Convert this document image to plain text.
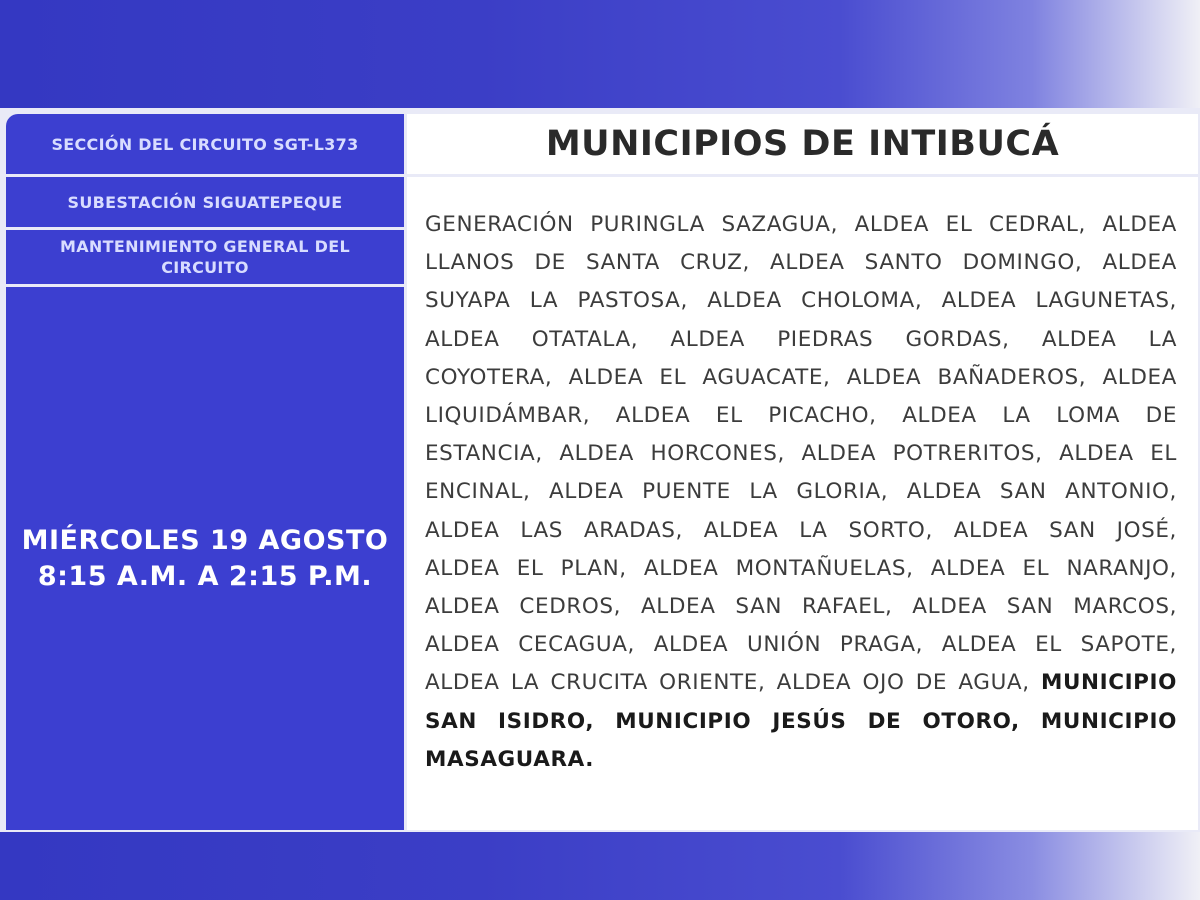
SECCIÓN DEL CIRCUITO SGT-L373
SUBESTACIÓN SIGUATEPEQUE
MANTENIMIENTO GENERAL DEL CIRCUITO
MIÉRCOLES 19 AGOSTO
8:15 A.M. A 2:15 P.M.
MUNICIPIOS DE INTIBUCÁ
GENERACIÓN PURINGLA SAZAGUA, ALDEA EL CEDRAL, ALDEA LLANOS DE SANTA CRUZ, ALDEA SANTO DOMINGO, ALDEA SUYAPA LA PASTOSA, ALDEA CHOLOMA, ALDEA LAGUNETAS, ALDEA OTATALA, ALDEA PIEDRAS GORDAS, ALDEA LA COYOTERA, ALDEA EL AGUACATE, ALDEA BAÑADEROS, ALDEA LIQUIDÁMBAR, ALDEA EL PICACHO, ALDEA LA LOMA DE ESTANCIA, ALDEA HORCONES, ALDEA POTRERITOS, ALDEA EL ENCINAL, ALDEA PUENTE LA GLORIA, ALDEA SAN ANTONIO, ALDEA LAS ARADAS, ALDEA LA SORTO, ALDEA SAN JOSÉ, ALDEA EL PLAN, ALDEA MONTAÑUELAS, ALDEA EL NARANJO, ALDEA CEDROS, ALDEA SAN RAFAEL, ALDEA SAN MARCOS, ALDEA CECAGUA, ALDEA UNIÓN PRAGA, ALDEA EL SAPOTE, ALDEA LA CRUCITA ORIENTE, ALDEA OJO DE AGUA, MUNICIPIO SAN ISIDRO, MUNICIPIO JESÚS DE OTORO, MUNICIPIO MASAGUARA.
